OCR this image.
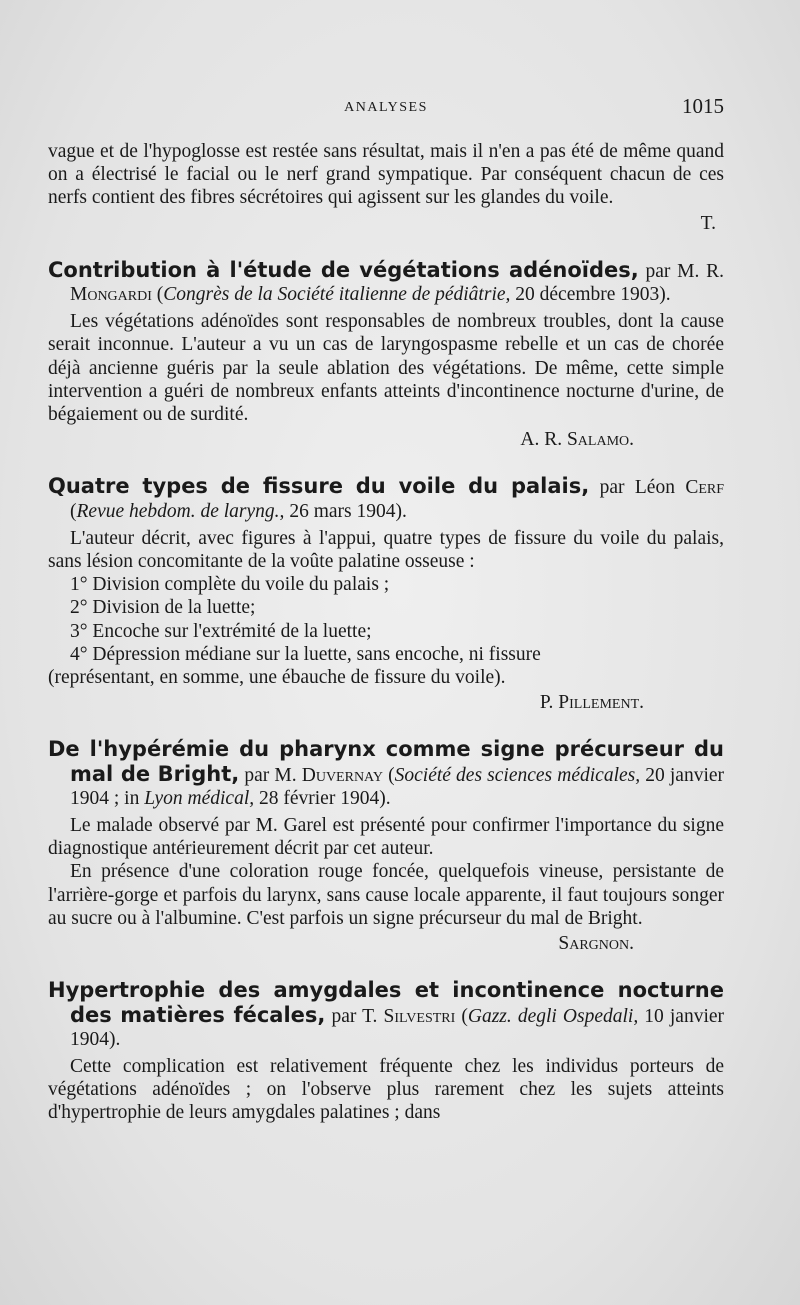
ANALYSES	1015

vague et de l'hypoglosse est restée sans résultat, mais il n'en a pas été de même quand on a électrisé le facial ou le nerf grand sympatique. Par conséquent chacun de ces nerfs contient des fibres sécrétoires qui agissent sur les glandes du voile.

T.

Contribution à l'étude de végétations adénoïdes, par M. R. Mongardi (Congrès de la Société italienne de pédiâtrie, 20 décembre 1903).

Les végétations adénoïdes sont responsables de nombreux troubles, dont la cause serait inconnue. L'auteur a vu un cas de laryngospasme rebelle et un cas de chorée déjà ancienne guéris par la seule ablation des végétations. De même, cette simple intervention a guéri de nombreux enfants atteints d'incontinence nocturne d'urine, de bégaiement ou de surdité.

A. R. Salamo.

Quatre types de fissure du voile du palais, par Léon Cerf (Revue hebdom. de laryng., 26 mars 1904).

L'auteur décrit, avec figures à l'appui, quatre types de fissure du voile du palais, sans lésion concomitante de la voûte palatine osseuse :

1° Division complète du voile du palais ;

2° Division de la luette;

3° Encoche sur l'extrémité de la luette;

4° Dépression médiane sur la luette, sans encoche, ni fissure

(représentant, en somme, une ébauche de fissure du voile).

P. Pillement.

De l'hypérémie du pharynx comme signe précurseur du mal de Bright, par M. Duvernay (Société des sciences médicales, 20 janvier 1904 ; in Lyon médical, 28 février 1904).

Le malade observé par M. Garel est présenté pour confirmer l'importance du signe diagnostique antérieurement décrit par cet auteur.

En présence d'une coloration rouge foncée, quelquefois vineuse, persistante de l'arrière-gorge et parfois du larynx, sans cause locale apparente, il faut toujours songer au sucre ou à l'albumine. C'est parfois un signe précurseur du mal de Bright.

Sargnon.

Hypertrophie des amygdales et incontinence nocturne des matières fécales, par T. Silvestri (Gazz. degli Ospedali, 10 janvier 1904).

Cette complication est relativement fréquente chez les individus porteurs de végétations adénoïdes ; on l'observe plus rarement chez les sujets atteints d'hypertrophie de leurs amygdales palatines ; dans
